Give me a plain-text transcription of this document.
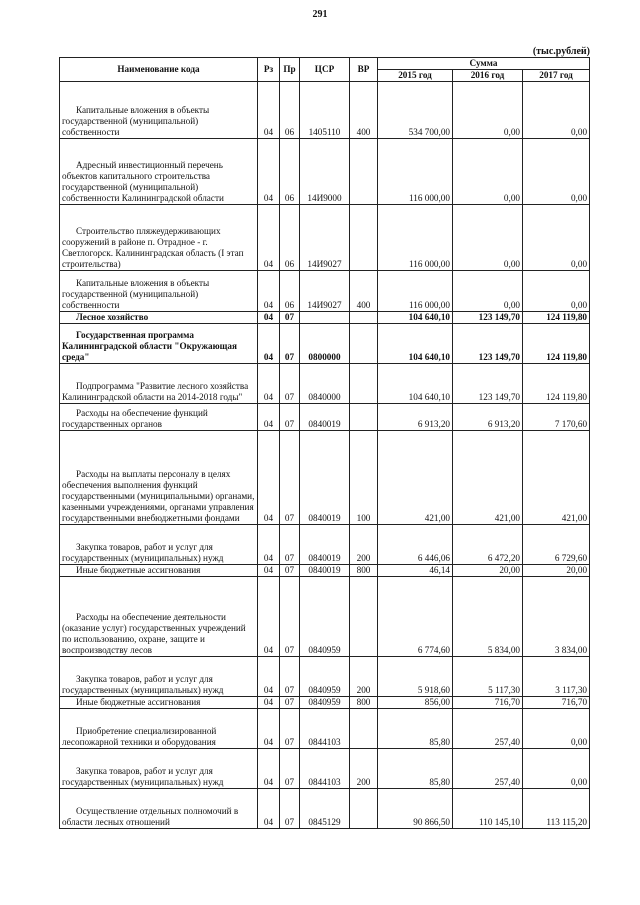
291
(тыс.рублей)
Наименование кода	Рз	Пр	ЦСР	ВР	Сумма		
					2015 год	2016 год	2017 год
Капитальные вложения в объекты государственной (муниципальной) собственности	04	06	1405110	400	534 700,00	0,00	0,00
Адресный инвестиционный перечень объектов капитального строительства государственной (муниципальной) собственности Калининградской области	04	06	14И9000		116 000,00	0,00	0,00
Строительство пляжеудерживающих сооружений в районе п. Отрадное - г. Светлогорск. Калининградская область (I этап строительства)	04	06	14И9027		116 000,00	0,00	0,00
Капитальные вложения в объекты государственной (муниципальной) собственности	04	06	14И9027	400	116 000,00	0,00	0,00
Лесное хозяйство	04	07			104 640,10	123 149,70	124 119,80
Государственная программа Калининградской области "Окружающая среда"	04	07	0800000		104 640,10	123 149,70	124 119,80
Подпрограмма "Развитие лесного хозяйства Калининградской области на 2014-2018 годы"	04	07	0840000		104 640,10	123 149,70	124 119,80
Расходы на обеспечение функций государственных органов	04	07	0840019		6 913,20	6 913,20	7 170,60
Расходы на выплаты персоналу в целях обеспечения выполнения функций государственными (муниципальными) органами, казенными учреждениями, органами управления государственными внебюджетными фондами	04	07	0840019	100	421,00	421,00	421,00
Закупка товаров, работ и услуг для государственных (муниципальных) нужд	04	07	0840019	200	6 446,06	6 472,20	6 729,60
Иные бюджетные ассигнования	04	07	0840019	800	46,14	20,00	20,00
Расходы на обеспечение деятельности (оказание услуг) государственных учреждений по использованию, охране, защите и воспроизводству лесов	04	07	0840959		6 774,60	5 834,00	3 834,00
Закупка товаров, работ и услуг для государственных (муниципальных) нужд	04	07	0840959	200	5 918,60	5 117,30	3 117,30
Иные бюджетные ассигнования	04	07	0840959	800	856,00	716,70	716,70
Приобретение специализированной лесопожарной техники и оборудования	04	07	0844103		85,80	257,40	0,00
Закупка товаров, работ и услуг для государственных (муниципальных) нужд	04	07	0844103	200	85,80	257,40	0,00
Осуществление отдельных полномочий в области лесных отношений	04	07	0845129		90 866,50	110 145,10	113 115,20
